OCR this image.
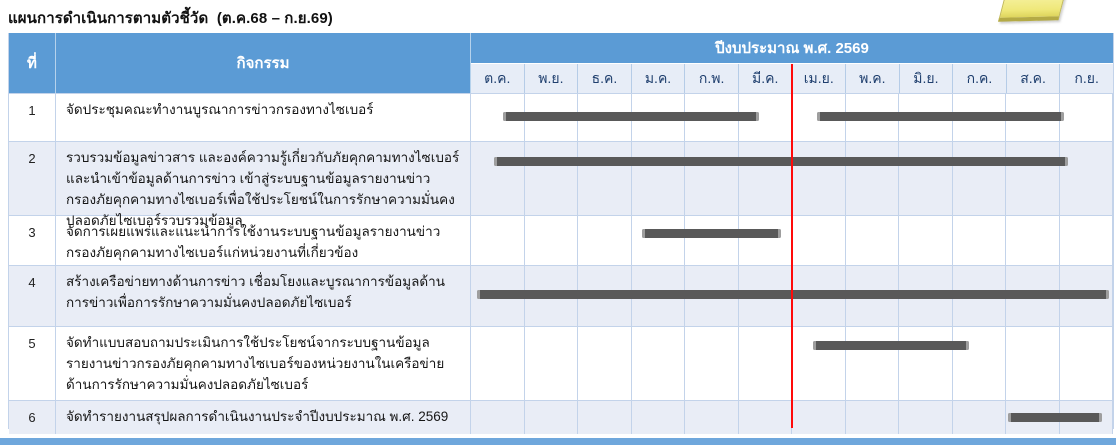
แผนการดำเนินการตามตัวชี้วัด  (ต.ค.68 – ก.ย.69)
ที่	กิจกรรม
ปีงบประมาณ พ.ศ. 2569
ต.ค.	พ.ย.	ธ.ค.	ม.ค.	ก.พ.	มี.ค.	เม.ย.	พ.ค.	มิ.ย.	ก.ค.	ส.ค.	ก.ย.
1	จัดประชุมคณะทำงานบูรณาการข่าวกรองทางไซเบอร์
2	รวบรวมข้อมูลข่าวสาร และองค์ความรู้เกี่ยวกับภัยคุกคามทางไซเบอร์และนำเข้าข้อมูลด้านการข่าว เข้าสู่ระบบฐานข้อมูลรายงานข่าวกรองภัยคุกคามทางไซเบอร์เพื่อใช้ประโยชน์ในการรักษาความมั่นคงปลอดภัยไซเบอร์รวบรวมข้อมูล
3	จัดการเผยแพร่และแนะนำการใช้งานระบบฐานข้อมูลรายงานข่าวกรองภัยคุกคามทางไซเบอร์แก่หน่วยงานที่เกี่ยวข้อง
4	สร้างเครือข่ายทางด้านการข่าว เชื่อมโยงและบูรณาการข้อมูลด้านการข่าวเพื่อการรักษาความมั่นคงปลอดภัยไซเบอร์
5	จัดทำแบบสอบถามประเมินการใช้ประโยชน์จากระบบฐานข้อมูลรายงานข่าวกรองภัยคุกคามทางไซเบอร์ของหน่วยงานในเครือข่ายด้านการรักษาความมั่นคงปลอดภัยไซเบอร์
6	จัดทำรายงานสรุปผลการดำเนินงานประจำปีงบประมาณ พ.ศ. 2569
